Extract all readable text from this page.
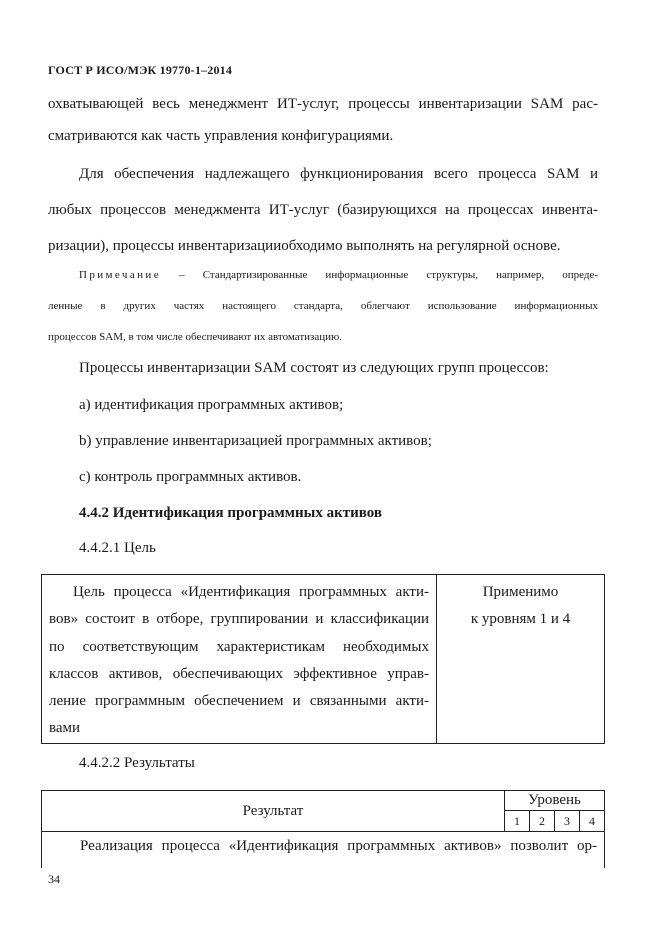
ГОСТ Р ИСО/МЭК 19770-1–2014
охватывающей весь менеджмент ИТ-услуг, процессы инвентаризации SAM рас-
сматриваются как часть управления конфигурациями.
Для обеспечения надлежащего функционирования всего процесса SAM и
любых процессов менеджмента ИТ-услуг (базирующихся на процессах инвента-
ризации), процессы инвентаризацииобходимо выполнять на регулярной основе.
Примечание – Стандартизированные информационные структуры, например, опреде-
ленные в других частях настоящего стандарта, облегчают использование информационных
процессов SAM, в том числе обеспечивают их автоматизацию.
Процессы инвентаризации SAM состоят из следующих групп процессов:
a) идентификация программных активов;
b) управление инвентаризацией программных активов;
c) контроль программных активов.
4.4.2 Идентификация программных активов
4.4.2.1 Цель
Цель процесса «Идентификация программных акти-
вов» состоит в отборе, группировании и классификации
по соответствующим характеристикам необходимых
классов активов, обеспечивающих эффективное управ-
ление программным обеспечением и связанными акти-
вами

Применимо
к уровням 1 и 4
4.4.2.2 Результаты
Результат	Уровень			
	1	2	3	4
Реализация процесса «Идентификация программных активов» позволит ор-				
34
